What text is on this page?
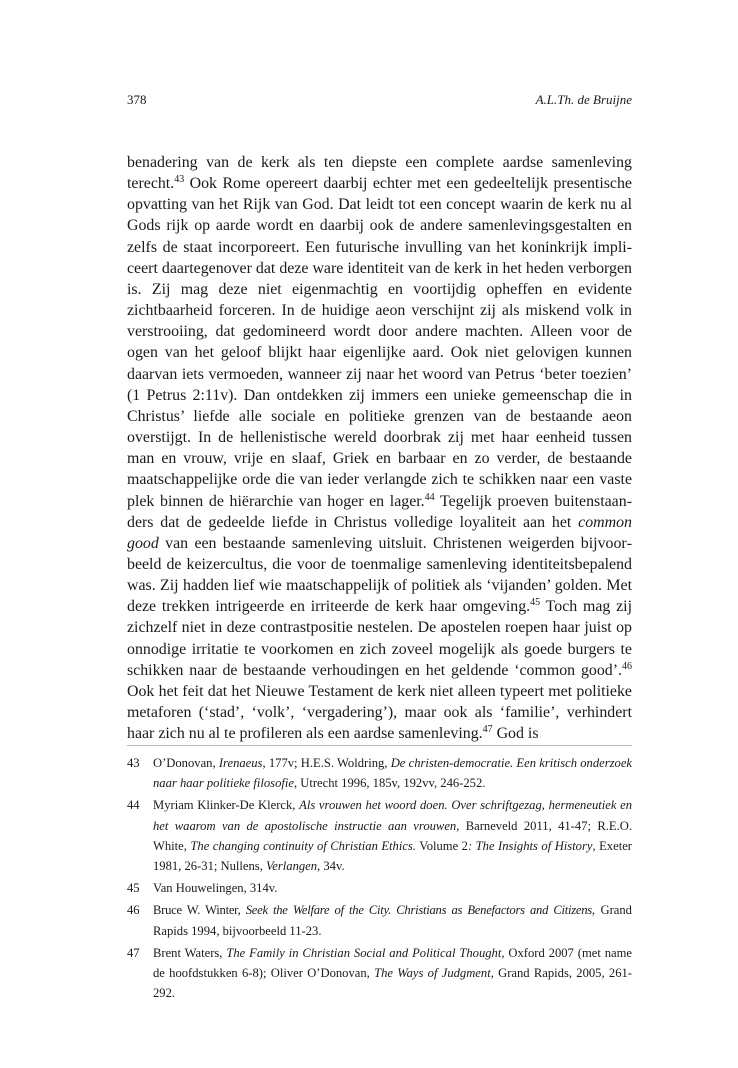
378	A.L.Th. de Bruijne

benadering van de kerk als ten diepste een complete aardse samenleving terecht.$^{43}$ Ook Rome opereert daarbij echter met een gedeeltelijk presentische opvatting van het Rijk van God. Dat leidt tot een concept waarin de kerk nu al Gods rijk op aarde wordt en daarbij ook de andere samenlevingsgestalten en zelfs de staat incorporeert. Een futurische invulling van het koninkrijk impliceert daartegenover dat deze ware identiteit van de kerk in het heden verborgen is. Zij mag deze niet eigenmachtig en voortijdig opheffen en evidente zichtbaarheid forceren. In de huidige aeon verschijnt zij als miskend volk in verstrooiing, dat gedomineerd wordt door andere machten. Alleen voor de ogen van het geloof blijkt haar eigenlijke aard. Ook niet gelovigen kunnen daarvan iets vermoeden, wanneer zij naar het woord van Petrus ‘beter toezien’ (1 Petrus 2:11v). Dan ontdekken zij immers een unieke gemeenschap die in Christus’ liefde alle sociale en politieke grenzen van de bestaande aeon overstijgt. In de hellenistische wereld doorbrak zij met haar eenheid tussen man en vrouw, vrije en slaaf, Griek en barbaar en zo verder, de bestaande maatschappelijke orde die van ieder verlangde zich te schikken naar een vaste plek binnen de hiërarchie van hoger en lager.$^{44}$ Tegelijk proeven buitenstaanders dat de gedeelde liefde in Christus volledige loyaliteit aan het common good van een bestaande samenleving uitsluit. Christenen weigerden bijvoorbeeld de keizercultus, die voor de toenmalige samenleving identiteitsbepalend was. Zij hadden lief wie maatschappelijk of politiek als ‘vijanden’ golden. Met deze trekken intrigeerde en irriteerde de kerk haar omgeving.$^{45}$ Toch mag zij zichzelf niet in deze contrastpositie nestelen. De apostelen roepen haar juist op onnodige irritatie te voorkomen en zich zoveel mogelijk als goede burgers te schikken naar de bestaande verhoudingen en het geldende ‘common good’.$^{46}$ Ook het feit dat het Nieuwe Testament de kerk niet alleen typeert met politieke metaforen (‘stad’, ‘volk’, ‘vergadering’), maar ook als ‘familie’, verhindert haar zich nu al te profileren als een aardse samenleving.$^{47}$ God is

43 O’Donovan, Irenaeus, 177v; H.E.S. Woldring, De christen-democratie. Een kritisch onderzoek naar haar politieke filosofie, Utrecht 1996, 185v, 192vv, 246-252.
44 Myriam Klinker-De Klerck, Als vrouwen het woord doen. Over schriftgezag, hermeneutiek en het waarom van de apostolische instructie aan vrouwen, Barneveld 2011, 41-47; R.E.O. White, The changing continuity of Christian Ethics. Volume 2: The Insights of History, Exeter 1981, 26-31; Nullens, Verlangen, 34v.
45 Van Houwelingen, 314v.
46 Bruce W. Winter, Seek the Welfare of the City. Christians as Benefactors and Citizens, Grand Rapids 1994, bijvoorbeeld 11-23.
47 Brent Waters, The Family in Christian Social and Political Thought, Oxford 2007 (met name de hoofdstukken 6-8); Oliver O’Donovan, The Ways of Judgment, Grand Rapids, 2005, 261-292.
